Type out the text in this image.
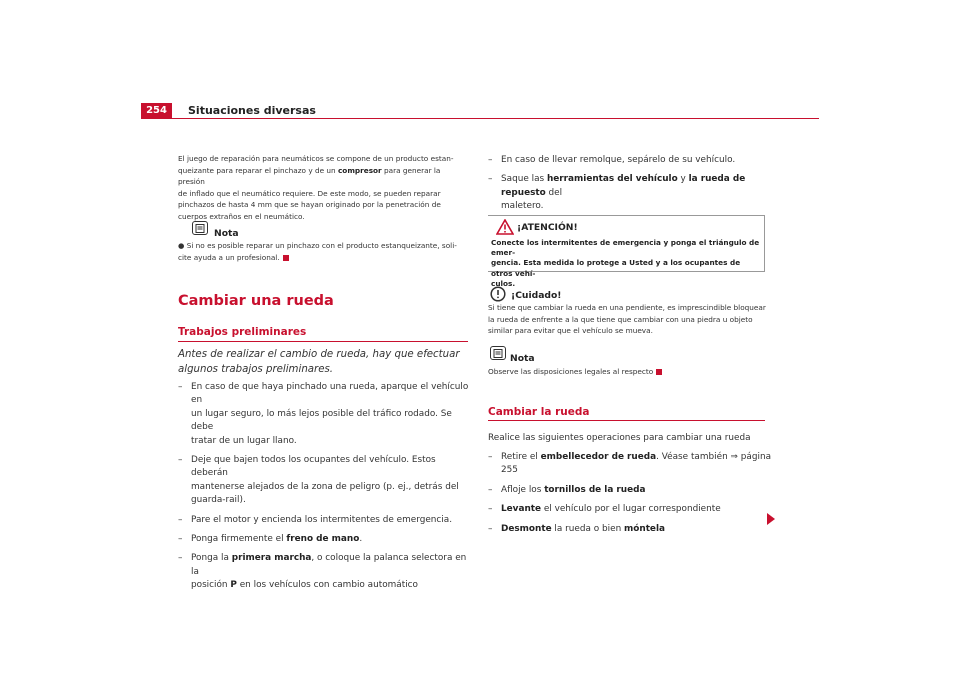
254	Situaciones diversas
El juego de reparación para neumáticos se compone de un producto estan-
queizante para reparar el pinchazo y de un compresor para generar la presión
de inflado que el neumático requiere. De este modo, se pueden reparar
pinchazos de hasta 4 mm que se hayan originado por la penetración de
cuerpos extraños en el neumático.
Nota
● Si no es posible reparar un pinchazo con el producto estanqueizante, soli-
cite ayuda a un profesional.
Cambiar una rueda
Trabajos preliminares
Antes de realizar el cambio de rueda, hay que efectuar
algunos trabajos preliminares.
– En caso de que haya pinchado una rueda, aparque el vehículo en
un lugar seguro, lo más lejos posible del tráfico rodado. Se debe
tratar de un lugar llano.
– Deje que bajen todos los ocupantes del vehículo. Estos deberán
mantenerse alejados de la zona de peligro (p. ej., detrás del
guarda-rail).
– Pare el motor y encienda los intermitentes de emergencia.
– Ponga firmemente el freno de mano.
– Ponga la primera marcha, o coloque la palanca selectora en la
posición P en los vehículos con cambio automático
– En caso de llevar remolque, sepárelo de su vehículo.
– Saque las herramientas del vehículo y la rueda de repuesto del
maletero.
¡ATENCIÓN!
Conecte los intermitentes de emergencia y ponga el triángulo de emer-
gencia. Esta medida lo protege a Usted y a los ocupantes de otros vehí-
culos.
¡Cuidado!
Si tiene que cambiar la rueda en una pendiente, es imprescindible bloquear
la rueda de enfrente a la que tiene que cambiar con una piedra u objeto
similar para evitar que el vehículo se mueva.
Nota
Observe las disposiciones legales al respecto
Cambiar la rueda
Realice las siguientes operaciones para cambiar una rueda
– Retire el embellecedor de rueda. Véase también ⇒ página 255
– Afloje los tornillos de la rueda
– Levante el vehículo por el lugar correspondiente
– Desmonte la rueda o bien móntela
